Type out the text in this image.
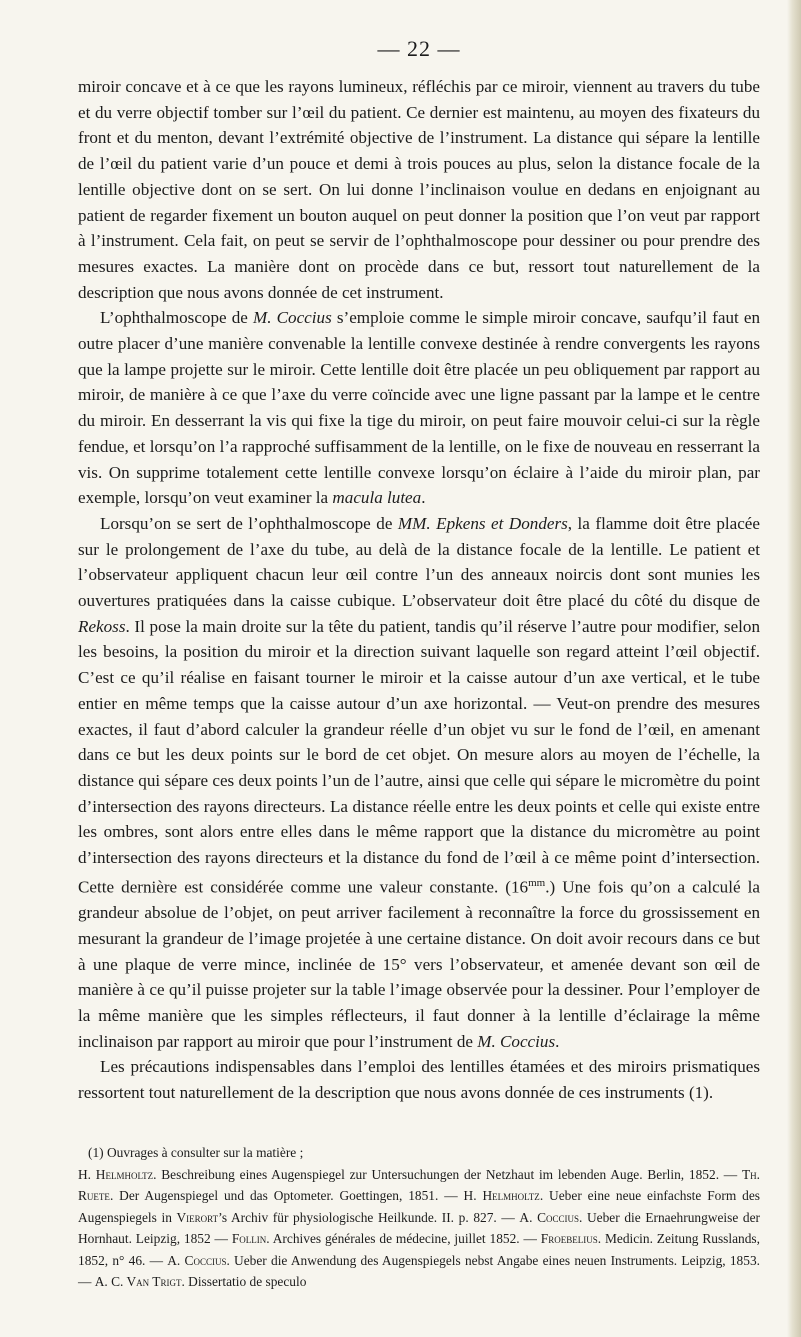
— 22 —

miroir concave et à ce que les rayons lumineux, réfléchis par ce miroir, viennent au travers du tube et du verre objectif tomber sur l’œil du patient. Ce dernier est maintenu, au moyen des fixateurs du front et du menton, devant l’extrémité objective de l’instrument. La distance qui sépare la lentille de l’œil du patient varie d’un pouce et demi à trois pouces au plus, selon la distance focale de la lentille objective dont on se sert. On lui donne l’inclinaison voulue en dedans en enjoignant au patient de regarder fixement un bouton auquel on peut donner la position que l’on veut par rapport à l’instrument. Cela fait, on peut se servir de l’ophthalmoscope pour dessiner ou pour prendre des mesures exactes. La manière dont on procède dans ce but, ressort tout naturellement de la description que nous avons donnée de cet instrument.

L’ophthalmoscope de M. Coccius s’emploie comme le simple miroir concave, saufqu’il faut en outre placer d’une manière convenable la lentille convexe destinée à rendre convergents les rayons que la lampe projette sur le miroir. Cette lentille doit être placée un peu obliquement par rapport au miroir, de manière à ce que l’axe du verre coïncide avec une ligne passant par la lampe et le centre du miroir. En desserrant la vis qui fixe la tige du miroir, on peut faire mouvoir celui-ci sur la règle fendue, et lorsqu’on l’a rapproché suffisamment de la lentille, on le fixe de nouveau en resserrant la vis. On supprime totalement cette lentille convexe lorsqu’on éclaire à l’aide du miroir plan, par exemple, lorsqu’on veut examiner la macula lutea.

Lorsqu’on se sert de l’ophthalmoscope de MM. Epkens et Donders, la flamme doit être placée sur le prolongement de l’axe du tube, au delà de la distance focale de la lentille. Le patient et l’observateur appliquent chacun leur œil contre l’un des anneaux noircis dont sont munies les ouvertures pratiquées dans la caisse cubique. L’observateur doit être placé du côté du disque de Rekoss. Il pose la main droite sur la tête du patient, tandis qu’il réserve l’autre pour modifier, selon les besoins, la position du miroir et la direction suivant laquelle son regard atteint l’œil objectif. C’est ce qu’il réalise en faisant tourner le miroir et la caisse autour d’un axe vertical, et le tube entier en même temps que la caisse autour d’un axe horizontal. — Veut-on prendre des mesures exactes, il faut d’abord calculer la grandeur réelle d’un objet vu sur le fond de l’œil, en amenant dans ce but les deux points sur le bord de cet objet. On mesure alors au moyen de l’échelle, la distance qui sépare ces deux points l’un de l’autre, ainsi que celle qui sépare le micromètre du point d’intersection des rayons directeurs. La distance réelle entre les deux points et celle qui existe entre les ombres, sont alors entre elles dans le même rapport que la distance du micromètre au point d’intersection des rayons directeurs et la distance du fond de l’œil à ce même point d’intersection. Cette dernière est considérée comme une valeur constante. $(16^{mm}.)$ Une fois qu’on a calculé la grandeur absolue de l’objet, on peut arriver facilement à reconnaître la force du grossissement en mesurant la grandeur de l’image projetée à une certaine distance. On doit avoir recours dans ce but à une plaque de verre mince, inclinée de 15° vers l’observateur, et amenée devant son œil de manière à ce qu’il puisse projeter sur la table l’image observée pour la dessiner. Pour l’employer de la même manière que les simples réflecteurs, il faut donner à la lentille d’éclairage la même inclinaison par rapport au miroir que pour l’instrument de M. Coccius.

Les précautions indispensables dans l’emploi des lentilles étamées et des miroirs prismatiques ressortent tout naturellement de la description que nous avons donnée de ces instruments (1).

(1) Ouvrages à consulter sur la matière ;

H. Helmholtz. Beschreibung eines Augenspiegel zur Untersuchungen der Netzhaut im lebenden Auge. Berlin, 1852. — Th. Ruete. Der Augenspiegel und das Optometer. Goettingen, 1851. — H. Helmholtz. Ueber eine neue einfachste Form des Augenspiegels in Vierort’s Archiv für physiologische Heilkunde. II. p. 827. — A. Coccius. Ueber die Ernaehrungweise der Hornhaut. Leipzig, 1852 — Follin. Archives générales de médecine, juillet 1852. — Froebelius. Medicin. Zeitung Russlands, 1852, n° 46. — A. Coccius. Ueber die Anwendung des Augenspiegels nebst Angabe eines neuen Instruments. Leipzig, 1853. — A. C. Van Trigt. Dissertatio de speculo
